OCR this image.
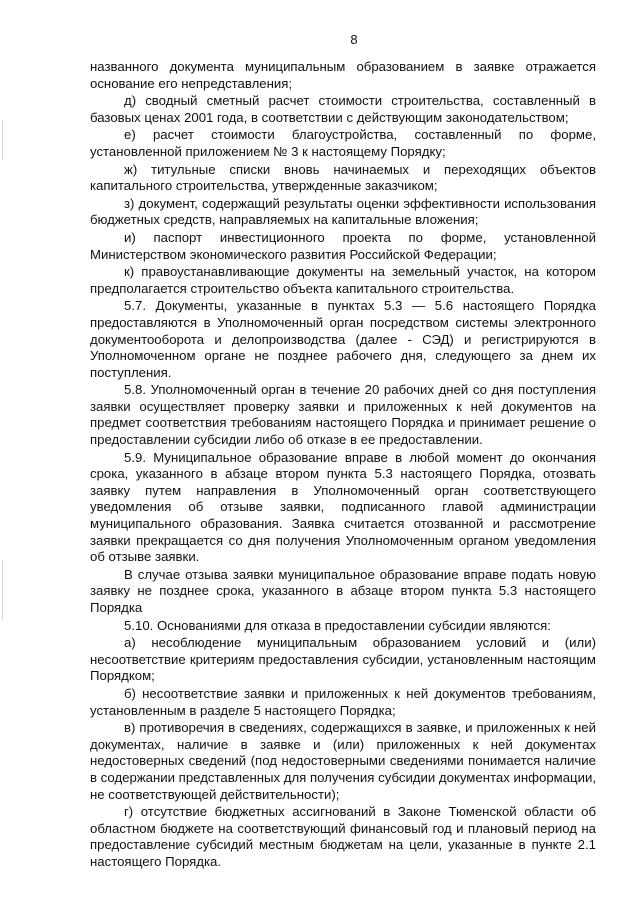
8

названного документа муниципальным образованием в заявке отражается основание его непредставления;

д) сводный сметный расчет стоимости строительства, составленный в базовых ценах 2001 года, в соответствии с действующим законодательством;

е) расчет стоимости благоустройства, составленный по форме, установленной приложением № 3 к настоящему Порядку;

ж) титульные списки вновь начинаемых и переходящих объектов капитального строительства, утвержденные заказчиком;

з) документ, содержащий результаты оценки эффективности использования бюджетных средств, направляемых на капитальные вложения;

и) паспорт инвестиционного проекта по форме, установленной Министерством экономического развития Российской Федерации;

к) правоустанавливающие документы на земельный участок, на котором предполагается строительство объекта капитального строительства.

5.7. Документы, указанные в пунктах 5.3 — 5.6 настоящего Порядка предоставляются в Уполномоченный орган посредством системы электронного документооборота и делопроизводства (далее - СЭД) и регистрируются в Уполномоченном органе не позднее рабочего дня, следующего за днем их поступления.

5.8. Уполномоченный орган в течение 20 рабочих дней со дня поступления заявки осуществляет проверку заявки и приложенных к ней документов на предмет соответствия требованиям настоящего Порядка и принимает решение о предоставлении субсидии либо об отказе в ее предоставлении.

5.9. Муниципальное образование вправе в любой момент до окончания срока, указанного в абзаце втором пункта 5.3 настоящего Порядка, отозвать заявку путем направления в Уполномоченный орган соответствующего уведомления об отзыве заявки, подписанного главой администрации муниципального образования. Заявка считается отозванной и рассмотрение заявки прекращается со дня получения Уполномоченным органом уведомления об отзыве заявки.

В случае отзыва заявки муниципальное образование вправе подать новую заявку не позднее срока, указанного в абзаце втором пункта 5.3 настоящего Порядка

5.10. Основаниями для отказа в предоставлении субсидии являются:

а) несоблюдение муниципальным образованием условий и (или) несоответствие критериям предоставления субсидии, установленным настоящим Порядком;

б) несоответствие заявки и приложенных к ней документов требованиям, установленным в разделе 5 настоящего Порядка;

в) противоречия в сведениях, содержащихся в заявке, и приложенных к ней документах, наличие в заявке и (или) приложенных к ней документах недостоверных сведений (под недостоверными сведениями понимается наличие в содержании представленных для получения субсидии документах информации, не соответствующей действительности);

г) отсутствие бюджетных ассигнований в Законе Тюменской области об областном бюджете на соответствующий финансовый год и плановый период на предоставление субсидий местным бюджетам на цели, указанные в пункте 2.1 настоящего Порядка.
